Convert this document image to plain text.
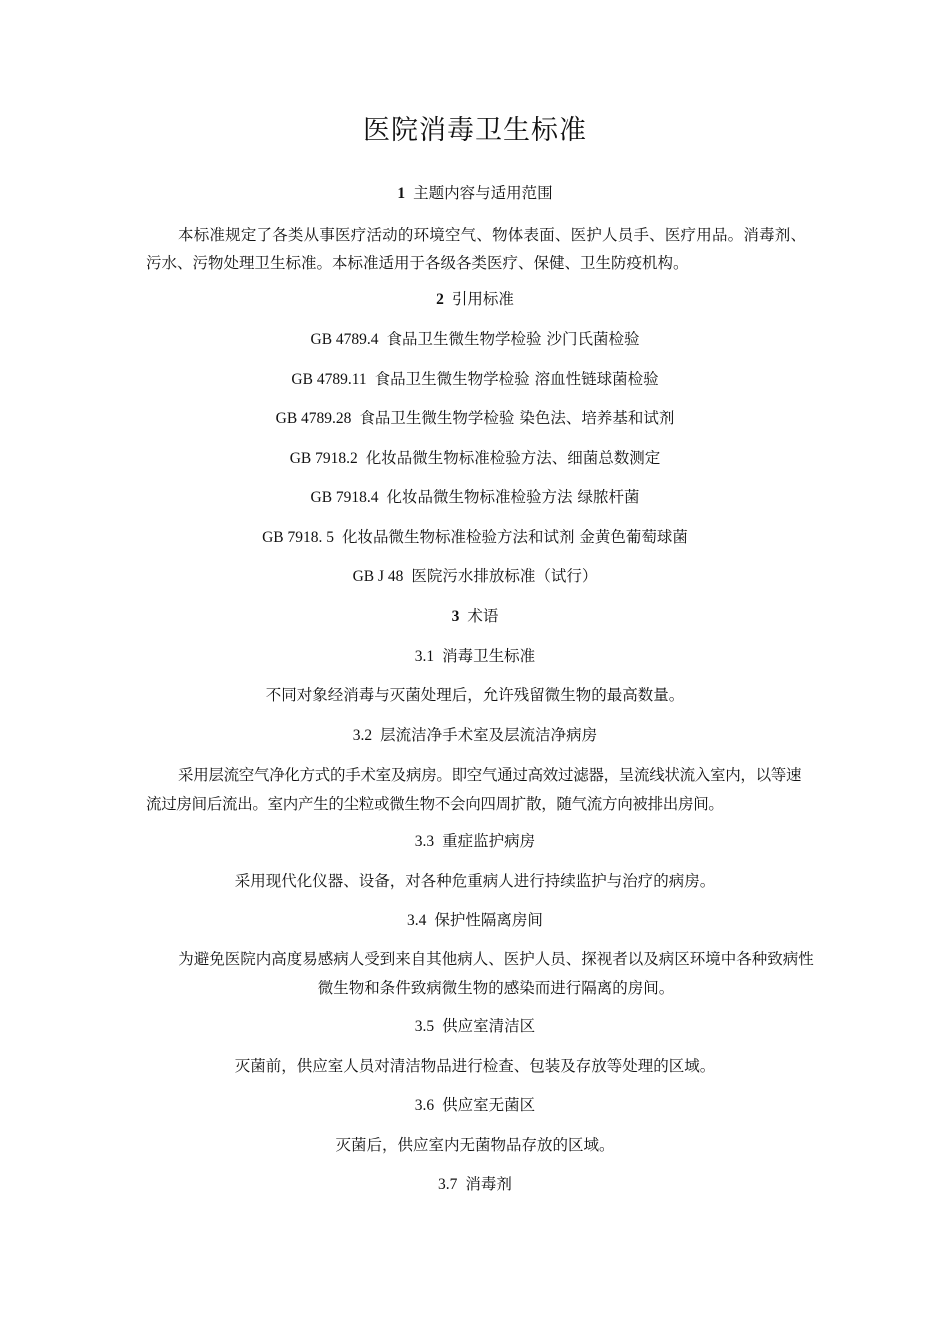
医院消毒卫生标准
1 主题内容与适用范围

本标准规定了各类从事医疗活动的环境空气、物体表面、医护人员手、医疗用品。消毒剂、污水、污物处理卫生标准。本标准适用于各级各类医疗、保健、卫生防疫机构。

2 引用标准
GB 4789.4 食品卫生微生物学检验 沙门氏菌检验
GB 4789.11 食品卫生微生物学检验 溶血性链球菌检验
GB 4789.28 食品卫生微生物学检验 染色法、培养基和试剂
GB 7918.2 化妆品微生物标准检验方法、细菌总数测定
GB 7918.4 化妆品微生物标准检验方法 绿脓杆菌
GB 7918. 5 化妆品微生物标准检验方法和试剂 金黄色葡萄球菌
GB J 48 医院污水排放标准（试行）
3 术语
3.1 消毒卫生标准
不同对象经消毒与灭菌处理后，允许残留微生物的最高数量。
3.2 层流洁净手术室及层流洁净病房

采用层流空气净化方式的手术室及病房。即空气通过高效过滤器，呈流线状流入室内，以等速流过房间后流出。室内产生的尘粒或微生物不会向四周扩散，随气流方向被排出房间。

3.3 重症监护病房
采用现代化仪器、设备，对各种危重病人进行持续监护与治疗的病房。
3.4 保护性隔离房间

为避免医院内高度易感病人受到来自其他病人、医护人员、探视者以及病区环境中各种致病性微生物和条件致病微生物的感染而进行隔离的房间。

3.5 供应室清洁区
灭菌前，供应室人员对清洁物品进行检查、包装及存放等处理的区域。
3.6 供应室无菌区
灭菌后，供应室内无菌物品存放的区域。
3.7 消毒剂
